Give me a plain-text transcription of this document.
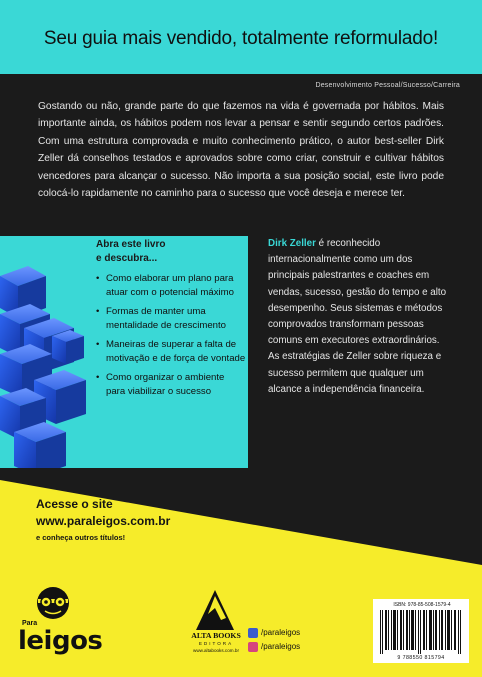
Seu guia mais vendido, totalmente reformulado!
Desenvolvimento Pessoal/Sucesso/Carreira
Gostando ou não, grande parte do que fazemos na vida é governada por hábitos. Mais importante ainda, os hábitos podem nos levar a pensar e sentir segundo certos padrões. Com uma estrutura comprovada e muito conhecimento prático, o autor best-seller Dirk Zeller dá conselhos testados e aprovados sobre como criar, construir e cultivar hábitos vencedores para alcançar o sucesso. Não importa a sua posição social, este livro pode colocá-lo rapidamente no caminho para o sucesso que você deseja e merece ter.
Abra este livro
e descubra...
• Como elaborar um plano para atuar com o potencial máximo
• Formas de manter uma mentalidade de crescimento
• Maneiras de superar a falta de motivação e de força de vontade
• Como organizar o ambiente para viabilizar o sucesso
Dirk Zeller é reconhecido internacionalmente como um dos principais palestrantes e coaches em vendas, sucesso, gestão do tempo e alto desempenho. Seus sistemas e métodos comprovados transformam pessoas comuns em executores extraordinários. As estratégias de Zeller sobre riqueza e sucesso permitem que qualquer um alcance a independência financeira.
Acesse o site
www.paraleigos.com.br
e conheça outros títulos!
Para
leigos	ALTA BOOKS
EDITORA
www.altabooks.com.br
/paraleigos
/paraleigos
ISBN: 978-85-508-1579-4
9 788550 815794
